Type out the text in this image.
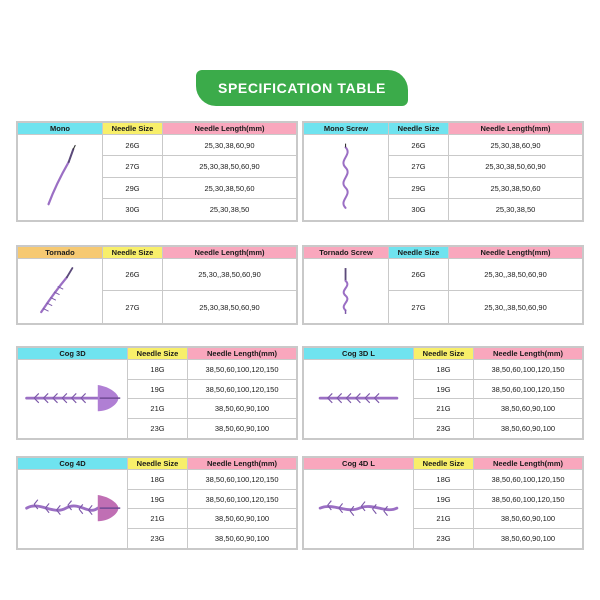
SPECIFICATION TABLE
Mono	Needle Size	Needle Length(mm)

	26G	25,30,38,60,90
	27G	25,30,38,50,60,90
	29G	25,30,38,50,60
	30G	25,30,38,50
Mono Screw	Needle Size	Needle Length(mm)

	26G	25,30,38,60,90
	27G	25,30,38,50,60,90
	29G	25,30,38,50,60
	30G	25,30,38,50
Tornado	Needle Size	Needle Length(mm)

	26G	25,30,,38,50,60,90
	27G	25,30,38,50,60,90
Tornado Screw	Needle Size	Needle Length(mm)

	26G	25,30,,38,50,60,90
	27G	25,30,,38,50,60,90
Cog 3D	Needle Size	Needle Length(mm)

	18G	38,50,60,100,120,150
	19G	38,50,60,100,120,150
	21G	38,50,60,90,100
	23G	38,50,60,90,100
Cog 3D L	Needle Size	Needle Length(mm)

	18G	38,50,60,100,120,150
	19G	38,50,60,100,120,150
	21G	38,50,60,90,100
	23G	38,50,60,90,100
Cog 4D	Needle Size	Needle Length(mm)

	18G	38,50,60,100,120,150
	19G	38,50,60,100,120,150
	21G	38,50,60,90,100
	23G	38,50,60,90,100
Cog 4D L	Needle Size	Needle Length(mm)

	18G	38,50,60,100,120,150
	19G	38,50,60,100,120,150
	21G	38,50,60,90,100
	23G	38,50,60,90,100
